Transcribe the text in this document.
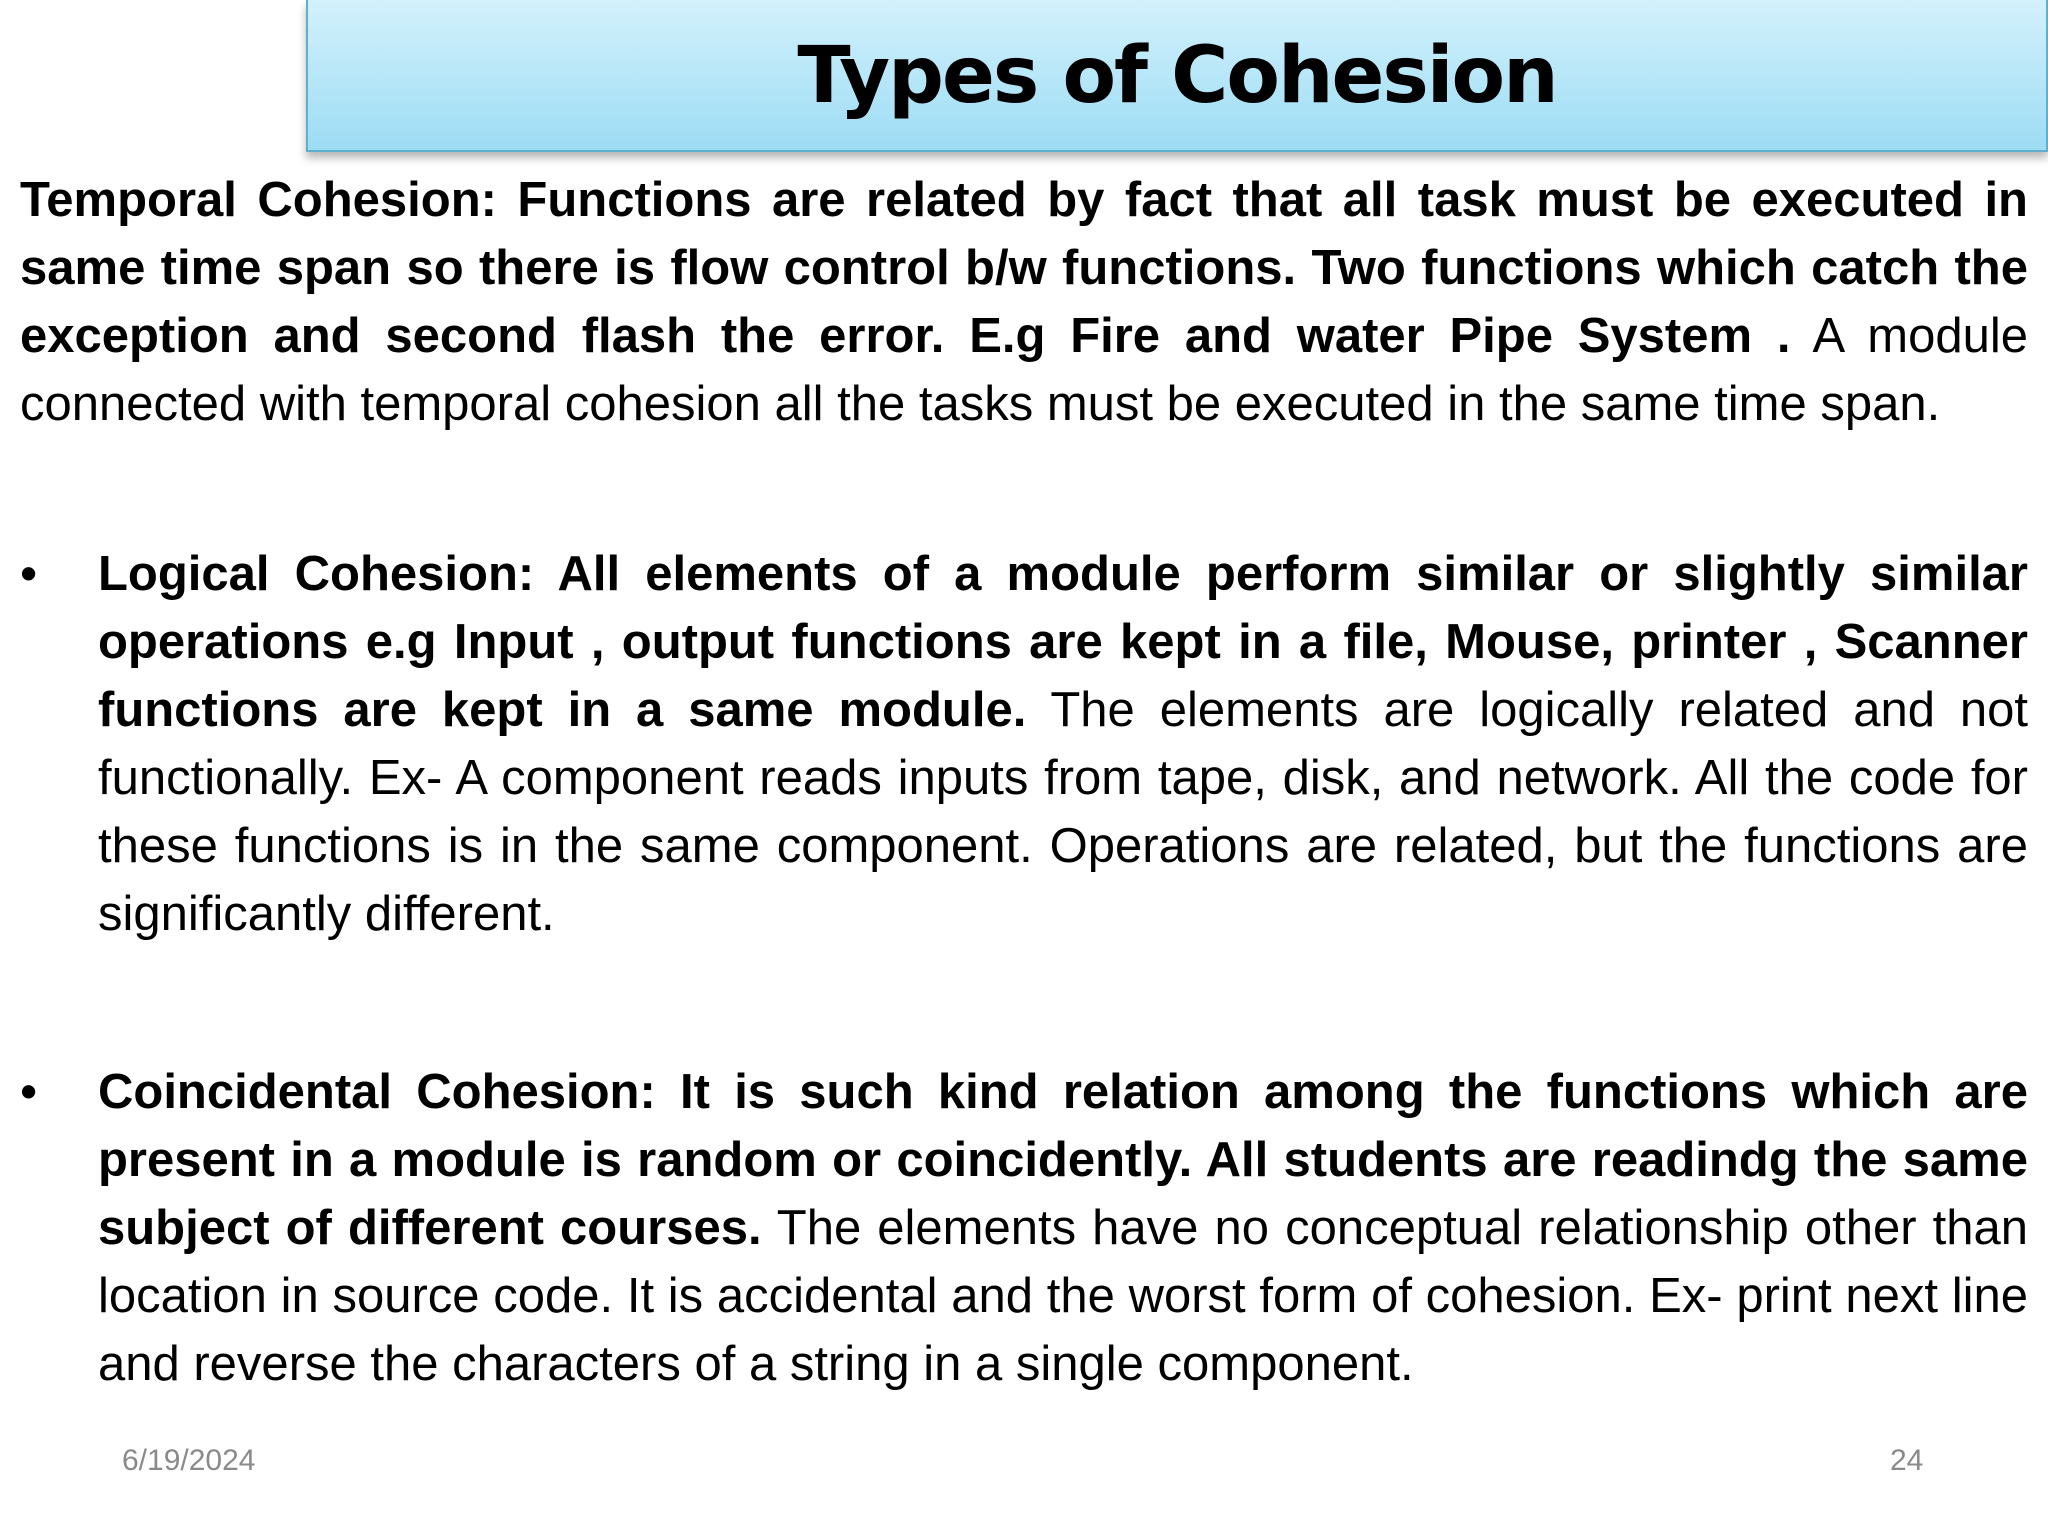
Types of Cohesion

Temporal Cohesion: Functions are related by fact that all task must be executed in same time span so there is flow control b/w functions. Two functions which catch the exception and second flash the error. E.g Fire and water Pipe System . A module connected with temporal cohesion all the tasks must be executed in the same time span.

•	Logical Cohesion: All elements of a module perform similar or slightly similar operations e.g Input , output functions are kept in a file, Mouse, printer , Scanner functions are kept in a same module. The elements are logically related and not functionally. Ex- A component reads inputs from tape, disk, and network. All the code for these functions is in the same component. Operations are related, but the functions are significantly different.

•	Coincidental Cohesion: It is such kind relation among the functions which are present in a module is random or coincidently. All students are readindg the same subject of different courses. The elements have no conceptual relationship other than location in source code. It is accidental and the worst form of cohesion. Ex- print next line and reverse the characters of a string in a single component.

6/19/2024	24
